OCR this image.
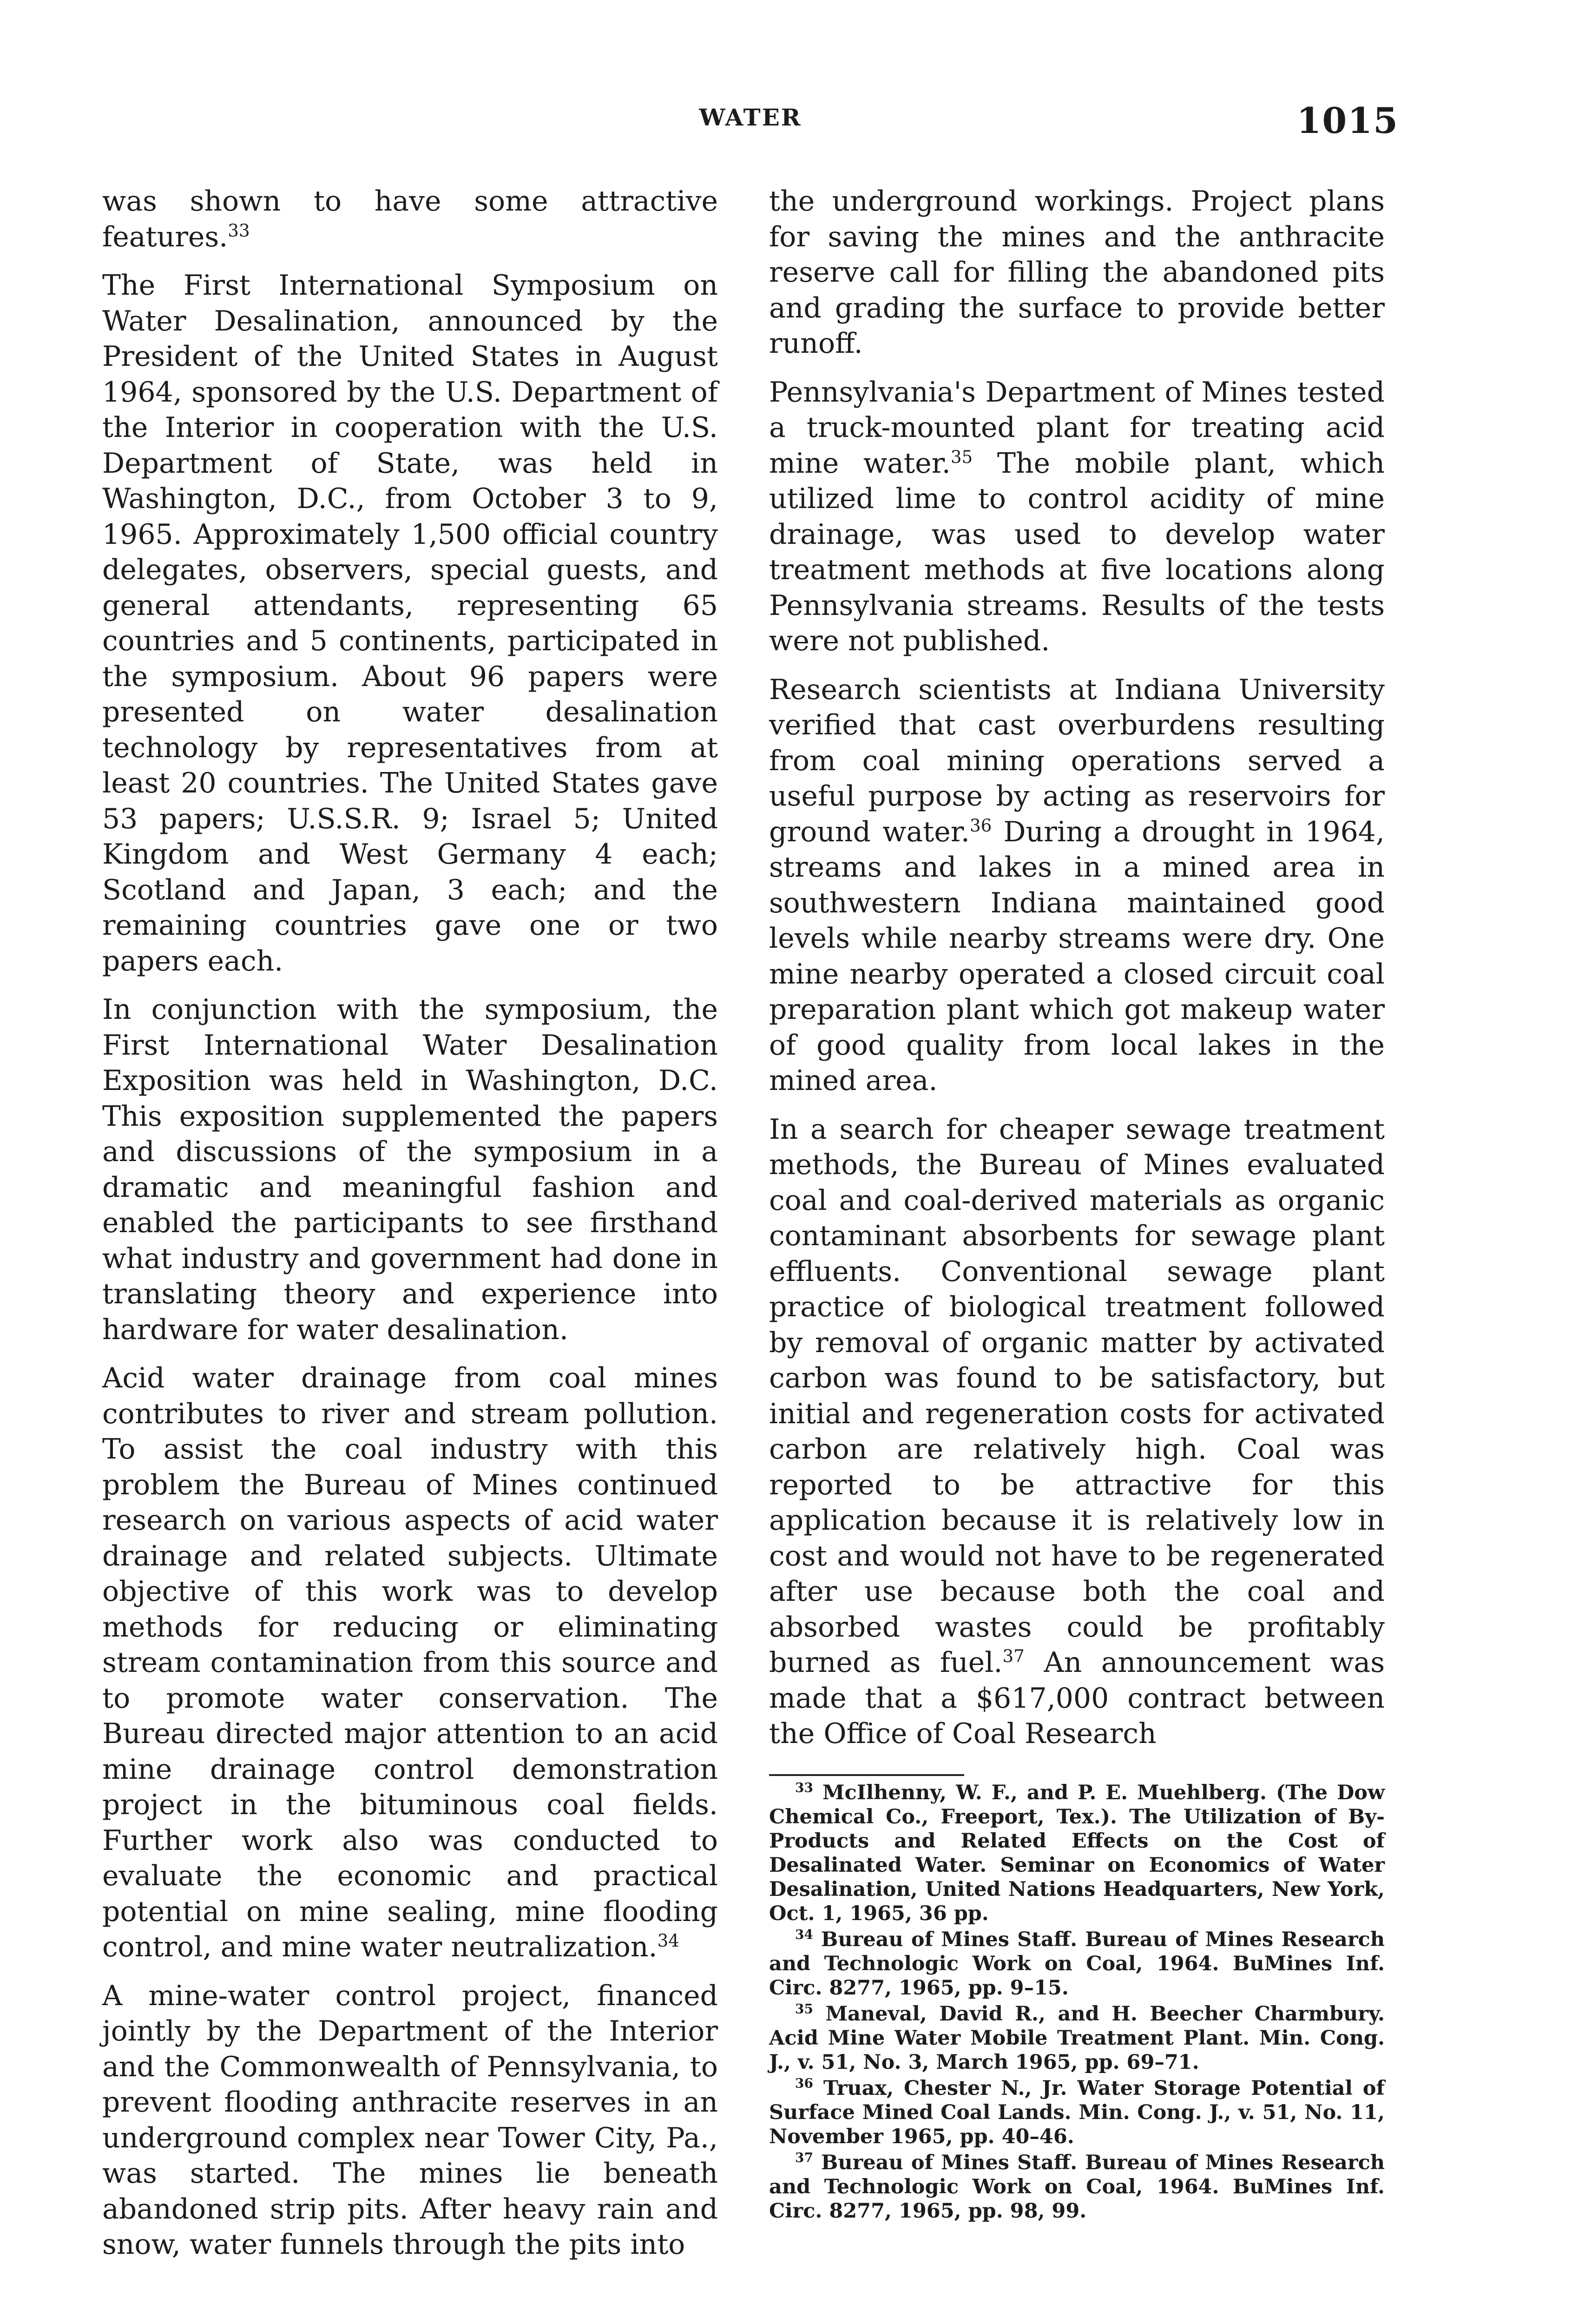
WATER	1015

was shown to have some attractive features.$^{33}$

The First International Symposium on Water Desalination, announced by the President of the United States in August 1964, sponsored by the U.S. Department of the Interior in cooperation with the U.S. Department of State, was held in Washington, D.C., from October 3 to 9, 1965. Approximately 1,500 official country delegates, observers, special guests, and general attendants, representing 65 countries and 5 continents, participated in the symposium. About 96 papers were presented on water desalination technology by representatives from at least 20 countries. The United States gave 53 papers; U.S.S.R. 9; Israel 5; United Kingdom and West Germany 4 each; Scotland and Japan, 3 each; and the remaining countries gave one or two papers each.

In conjunction with the symposium, the First International Water Desalination Exposition was held in Washington, D.C. This exposition supplemented the papers and discussions of the symposium in a dramatic and meaningful fashion and enabled the participants to see firsthand what industry and government had done in translating theory and experience into hardware for water desalination.

Acid water drainage from coal mines contributes to river and stream pollution. To assist the coal industry with this problem the Bureau of Mines continued research on various aspects of acid water drainage and related subjects. Ultimate objective of this work was to develop methods for reducing or eliminating stream contamination from this source and to promote water conservation. The Bureau directed major attention to an acid mine drainage control demonstration project in the bituminous coal fields. Further work also was conducted to evaluate the economic and practical potential on mine sealing, mine flooding control, and mine water neutralization.$^{34}$

A mine-water control project, financed jointly by the Department of the Interior and the Commonwealth of Pennsylvania, to prevent flooding anthracite reserves in an underground complex near Tower City, Pa., was started. The mines lie beneath abandoned strip pits. After heavy rain and snow, water funnels through the pits into

the underground workings. Project plans for saving the mines and the anthracite reserve call for filling the abandoned pits and grading the surface to provide better runoff.

Pennsylvania's Department of Mines tested a truck-mounted plant for treating acid mine water.$^{35}$ The mobile plant, which utilized lime to control acidity of mine drainage, was used to develop water treatment methods at five locations along Pennsylvania streams. Results of the tests were not published.

Research scientists at Indiana University verified that cast overburdens resulting from coal mining operations served a useful purpose by acting as reservoirs for ground water.$^{36}$ During a drought in 1964, streams and lakes in a mined area in southwestern Indiana maintained good levels while nearby streams were dry. One mine nearby operated a closed circuit coal preparation plant which got makeup water of good quality from local lakes in the mined area.

In a search for cheaper sewage treatment methods, the Bureau of Mines evaluated coal and coal-derived materials as organic contaminant absorbents for sewage plant effluents. Conventional sewage plant practice of biological treatment followed by removal of organic matter by activated carbon was found to be satisfactory, but initial and regeneration costs for activated carbon are relatively high. Coal was reported to be attractive for this application because it is relatively low in cost and would not have to be regenerated after use because both the coal and absorbed wastes could be profitably burned as fuel.$^{37}$ An announcement was made that a $617,000 contract between the Office of Coal Research

$^{33}$ McIlhenny, W. F., and P. E. Muehlberg. (The Dow Chemical Co., Freeport, Tex.). The Utilization of By-Products and Related Effects on the Cost of Desalinated Water. Seminar on Economics of Water Desalination, United Nations Headquarters, New York, Oct. 1, 1965, 36 pp.
$^{34}$ Bureau of Mines Staff. Bureau of Mines Research and Technologic Work on Coal, 1964. BuMines Inf. Circ. 8277, 1965, pp. 9–15.
$^{35}$ Maneval, David R., and H. Beecher Charmbury. Acid Mine Water Mobile Treatment Plant. Min. Cong. J., v. 51, No. 3, March 1965, pp. 69–71.
$^{36}$ Truax, Chester N., Jr. Water Storage Potential of Surface Mined Coal Lands. Min. Cong. J., v. 51, No. 11, November 1965, pp. 40–46.
$^{37}$ Bureau of Mines Staff. Bureau of Mines Research and Technologic Work on Coal, 1964. BuMines Inf. Circ. 8277, 1965, pp. 98, 99.
